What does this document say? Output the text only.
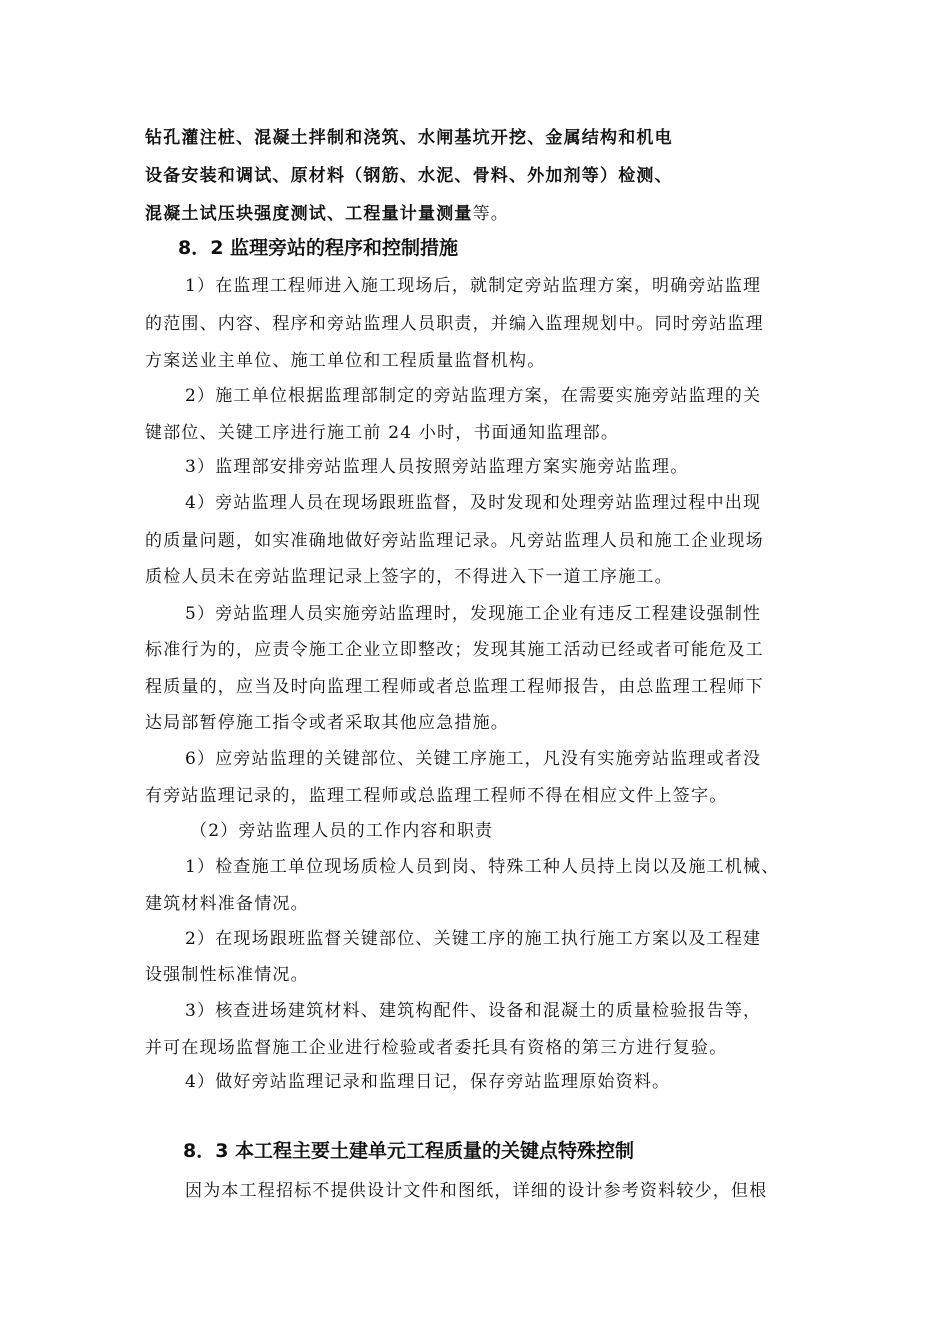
钻孔灌注桩、混凝土拌制和浇筑、水闸基坑开挖、金属结构和机电
设备安装和调试、原材料（钢筋、水泥、骨料、外加剂等）检测、
混凝土试压块强度测试、工程量计量测量等。
8．2 监理旁站的程序和控制措施
1）在监理工程师进入施工现场后，就制定旁站监理方案，明确旁站监理
的范围、内容、程序和旁站监理人员职责，并编入监理规划中。同时旁站监理
方案送业主单位、施工单位和工程质量监督机构。
2）施工单位根据监理部制定的旁站监理方案，在需要实施旁站监理的关
键部位、关键工序进行施工前 24 小时，书面通知监理部。
3）监理部安排旁站监理人员按照旁站监理方案实施旁站监理。
4）旁站监理人员在现场跟班监督，及时发现和处理旁站监理过程中出现
的质量问题，如实准确地做好旁站监理记录。凡旁站监理人员和施工企业现场
质检人员未在旁站监理记录上签字的，不得进入下一道工序施工。
5）旁站监理人员实施旁站监理时，发现施工企业有违反工程建设强制性
标准行为的，应责令施工企业立即整改；发现其施工活动已经或者可能危及工
程质量的，应当及时向监理工程师或者总监理工程师报告，由总监理工程师下
达局部暂停施工指令或者采取其他应急措施。
6）应旁站监理的关键部位、关键工序施工，凡没有实施旁站监理或者没
有旁站监理记录的，监理工程师或总监理工程师不得在相应文件上签字。
（2）旁站监理人员的工作内容和职责
1）检查施工单位现场质检人员到岗、特殊工种人员持上岗以及施工机械、
建筑材料准备情况。
2）在现场跟班监督关键部位、关键工序的施工执行施工方案以及工程建
设强制性标准情况。
3）核查进场建筑材料、建筑构配件、设备和混凝土的质量检验报告等，
并可在现场监督施工企业进行检验或者委托具有资格的第三方进行复验。
4）做好旁站监理记录和监理日记，保存旁站监理原始资料。
8．3 本工程主要土建单元工程质量的关键点特殊控制
因为本工程招标不提供设计文件和图纸，详细的设计参考资料较少，但根
